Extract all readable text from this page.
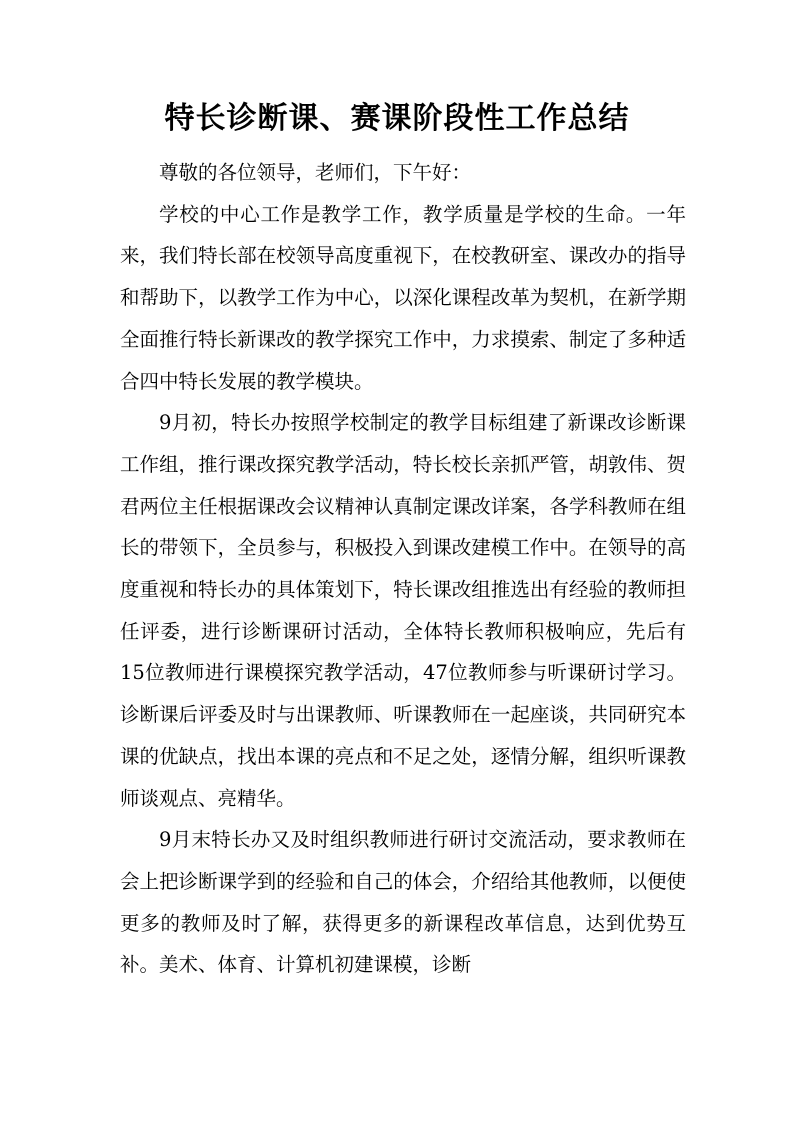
特长诊断课、赛课阶段性工作总结

尊敬的各位领导，老师们，下午好：

学校的中心工作是教学工作，教学质量是学校的生命。一年来，我们特长部在校领导高度重视下，在校教研室、课改办的指导和帮助下，以教学工作为中心，以深化课程改革为契机，在新学期全面推行特长新课改的教学探究工作中，力求摸索、制定了多种适合四中特长发展的教学模块。

9月初，特长办按照学校制定的教学目标组建了新课改诊断课工作组，推行课改探究教学活动，特长校长亲抓严管，胡敦伟、贺君两位主任根据课改会议精神认真制定课改详案，各学科教师在组长的带领下，全员参与，积极投入到课改建模工作中。在领导的高度重视和特长办的具体策划下，特长课改组推选出有经验的教师担任评委，进行诊断课研讨活动，全体特长教师积极响应，先后有15位教师进行课模探究教学活动，47位教师参与听课研讨学习。诊断课后评委及时与出课教师、听课教师在一起座谈，共同研究本课的优缺点，找出本课的亮点和不足之处，逐情分解，组织听课教师谈观点、亮精华。

9月末特长办又及时组织教师进行研讨交流活动，要求教师在会上把诊断课学到的经验和自己的体会，介绍给其他教师，以便使更多的教师及时了解，获得更多的新课程改革信息，达到优势互补。美术、体育、计算机初建课模，诊断
